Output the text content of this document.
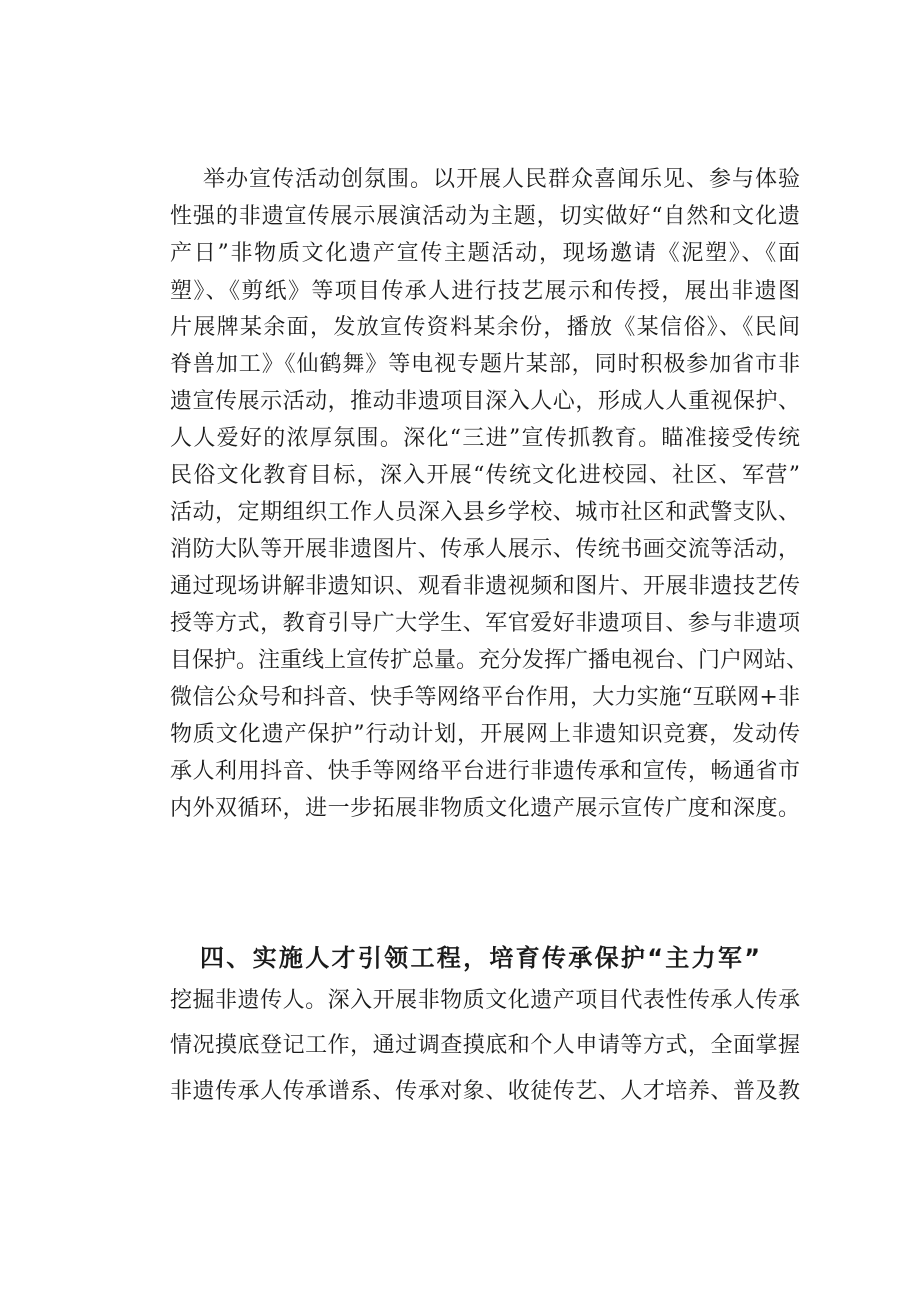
举办宣传活动创氛围。以开展人民群众喜闻乐见、参与体验
性强的非遗宣传展示展演活动为主题，切实做好“自然和文化遗
产日”非物质文化遗产宣传主题活动，现场邀请《泥塑》、《面
塑》、《剪纸》等项目传承人进行技艺展示和传授，展出非遗图
片展牌某余面，发放宣传资料某余份，播放《某信俗》、《民间
脊兽加工》《仙鹤舞》等电视专题片某部，同时积极参加省市非
遗宣传展示活动，推动非遗项目深入人心，形成人人重视保护、
人人爱好的浓厚氛围。深化“三进”宣传抓教育。瞄准接受传统
民俗文化教育目标，深入开展“传统文化进校园、社区、军营”
活动，定期组织工作人员深入县乡学校、城市社区和武警支队、
消防大队等开展非遗图片、传承人展示、传统书画交流等活动，
通过现场讲解非遗知识、观看非遗视频和图片、开展非遗技艺传
授等方式，教育引导广大学生、军官爱好非遗项目、参与非遗项
目保护。注重线上宣传扩总量。充分发挥广播电视台、门户网站、
微信公众号和抖音、快手等网络平台作用，大力实施“互联网+非
物质文化遗产保护”行动计划，开展网上非遗知识竞赛，发动传
承人利用抖音、快手等网络平台进行非遗传承和宣传，畅通省市
内外双循环，进一步拓展非物质文化遗产展示宣传广度和深度。
四、实施人才引领工程，培育传承保护“主力军”
挖掘非遗传人。深入开展非物质文化遗产项目代表性传承人传承
情况摸底登记工作，通过调查摸底和个人申请等方式，全面掌握
非遗传承人传承谱系、传承对象、收徒传艺、人才培养、普及教
